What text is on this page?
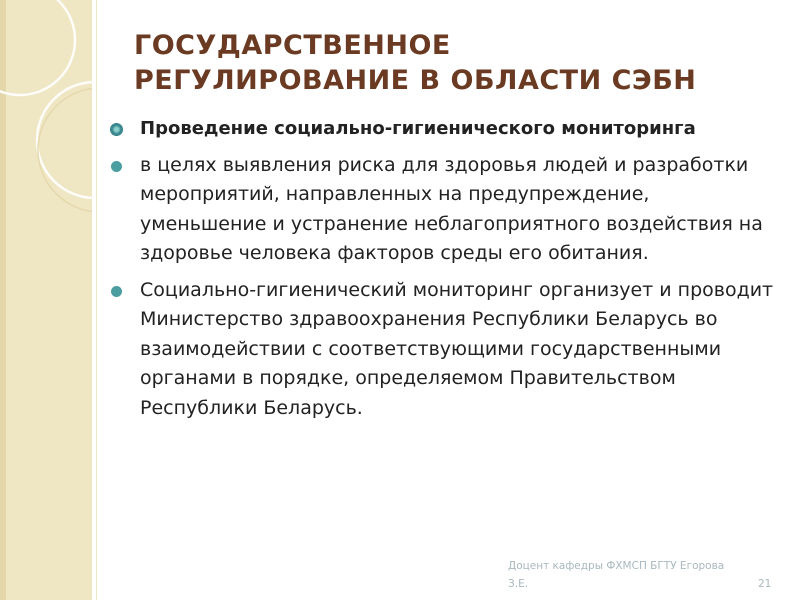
ГОСУДАРСТВЕННОЕ
РЕГУЛИРОВАНИЕ В ОБЛАСТИ СЭБН
Проведение социально-гигиенического мониторинга
в целях выявления риска для здоровья людей и разработки мероприятий, направленных на предупреждение, уменьшение и устранение неблагоприятного воздействия на здоровье человека факторов среды его обитания.
Социально-гигиенический мониторинг организует и проводит Министерство здравоохранения Республики Беларусь во взаимодействии с соответствующими государственными органами в порядке, определяемом Правительством Республики Беларусь.
Доцент кафедры ФХМСП БГТУ Егорова
З.Е.	21
